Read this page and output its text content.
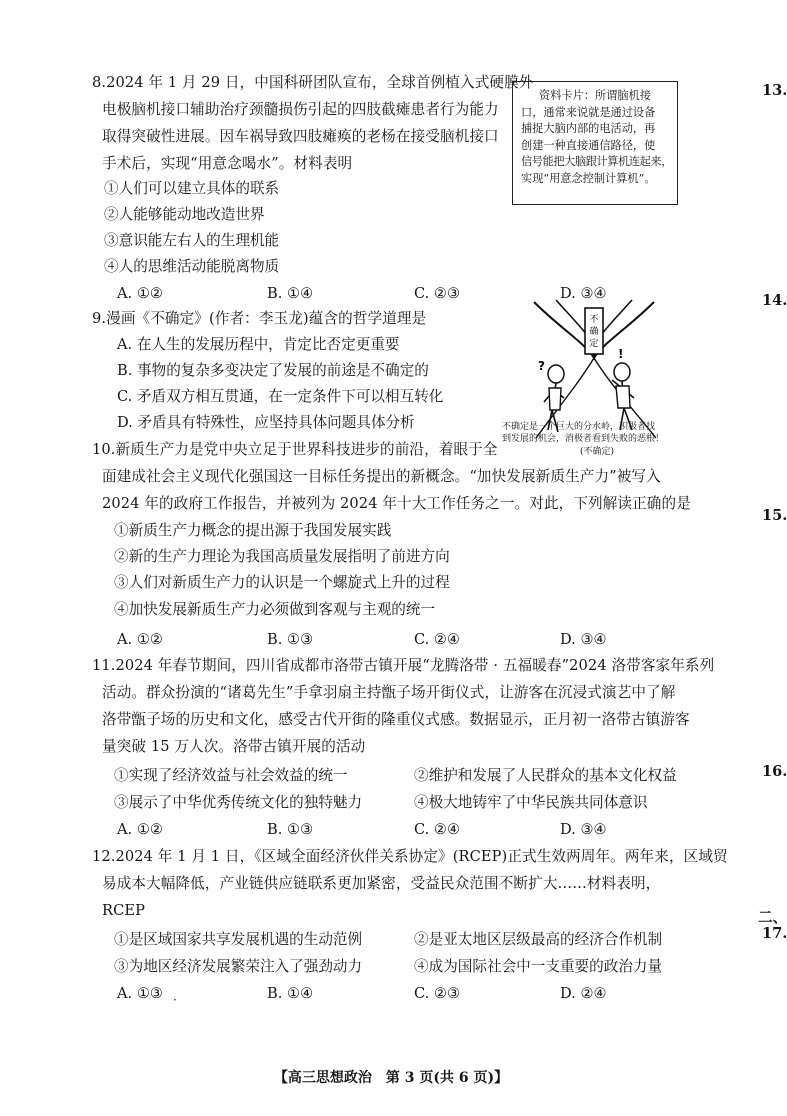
8.2024 年 1 月 29 日，中国科研团队宣布，全球首例植入式硬膜外
电极脑机接口辅助治疗颈髓损伤引起的四肢截瘫患者行为能力
取得突破性进展。因车祸导致四肢瘫痪的老杨在接受脑机接口
手术后，实现“用意念喝水”。材料表明
①人们可以建立具体的联系
②人能够能动地改造世界
③意识能左右人的生理机能
④人的思维活动能脱离物质
A. ①②	B. ①④	C. ②③	D. ③④
资料卡片：所谓脑机接
口，通常来说就是通过设备
捕捉大脑内部的电活动，再
创建一种直接通信路径，使
信号能把大脑跟计算机连起来，
实现“用意念控制计算机”。
9.漫画《不确定》(作者：李玉龙)蕴含的哲学道理是
A. 在人生的发展历程中，肯定比否定更重要
B. 事物的复杂多变决定了发展的前途是不确定的
C. 矛盾双方相互贯通，在一定条件下可以相互转化
D. 矛盾具有特殊性，应坚持具体问题具体分析
不
确
定
?
!
不确定是一个巨大的分水岭，积极者找
到发展的机会，消极者看到失败的恶根！
(不确定)
10.新质生产力是党中央立足于世界科技进步的前沿，着眼于全
面建成社会主义现代化强国这一目标任务提出的新概念。“加快发展新质生产力”被写入
2024 年的政府工作报告，并被列为 2024 年十大工作任务之一。对此，下列解读正确的是
①新质生产力概念的提出源于我国发展实践
②新的生产力理论为我国高质量发展指明了前进方向
③人们对新质生产力的认识是一个螺旋式上升的过程
④加快发展新质生产力必须做到客观与主观的统一
A. ①②	B. ①③	C. ②④	D. ③④
11.2024 年春节期间，四川省成都市洛带古镇开展“龙腾洛带 · 五福暖春”2024 洛带客家年系列
活动。群众扮演的“诸葛先生”手拿羽扇主持甑子场开街仪式，让游客在沉浸式演艺中了解
洛带甑子场的历史和文化，感受古代开街的隆重仪式感。数据显示，正月初一洛带古镇游客
量突破 15 万人次。洛带古镇开展的活动
①实现了经济效益与社会效益的统一	②维护和发展了人民群众的基本文化权益
③展示了中华优秀传统文化的独特魅力	④极大地铸牢了中华民族共同体意识
A. ①②	B. ①③	C. ②④	D. ③④
12.2024 年 1 月 1 日，《区域全面经济伙伴关系协定》(RCEP)正式生效两周年。两年来，区域贸
易成本大幅降低，产业链供应链联系更加紧密，受益民众范围不断扩大……材料表明，
RCEP
①是区域国家共享发展机遇的生动范例	②是亚太地区层级最高的经济合作机制
③为地区经济发展繁荣注入了强劲动力	④成为国际社会中一支重要的政治力量
A. ①③	B. ①④	C. ②③	D. ②④
·
13.
14.
15.
16.
二、
17.
【高三思想政治　第 3 页(共 6 页)】
